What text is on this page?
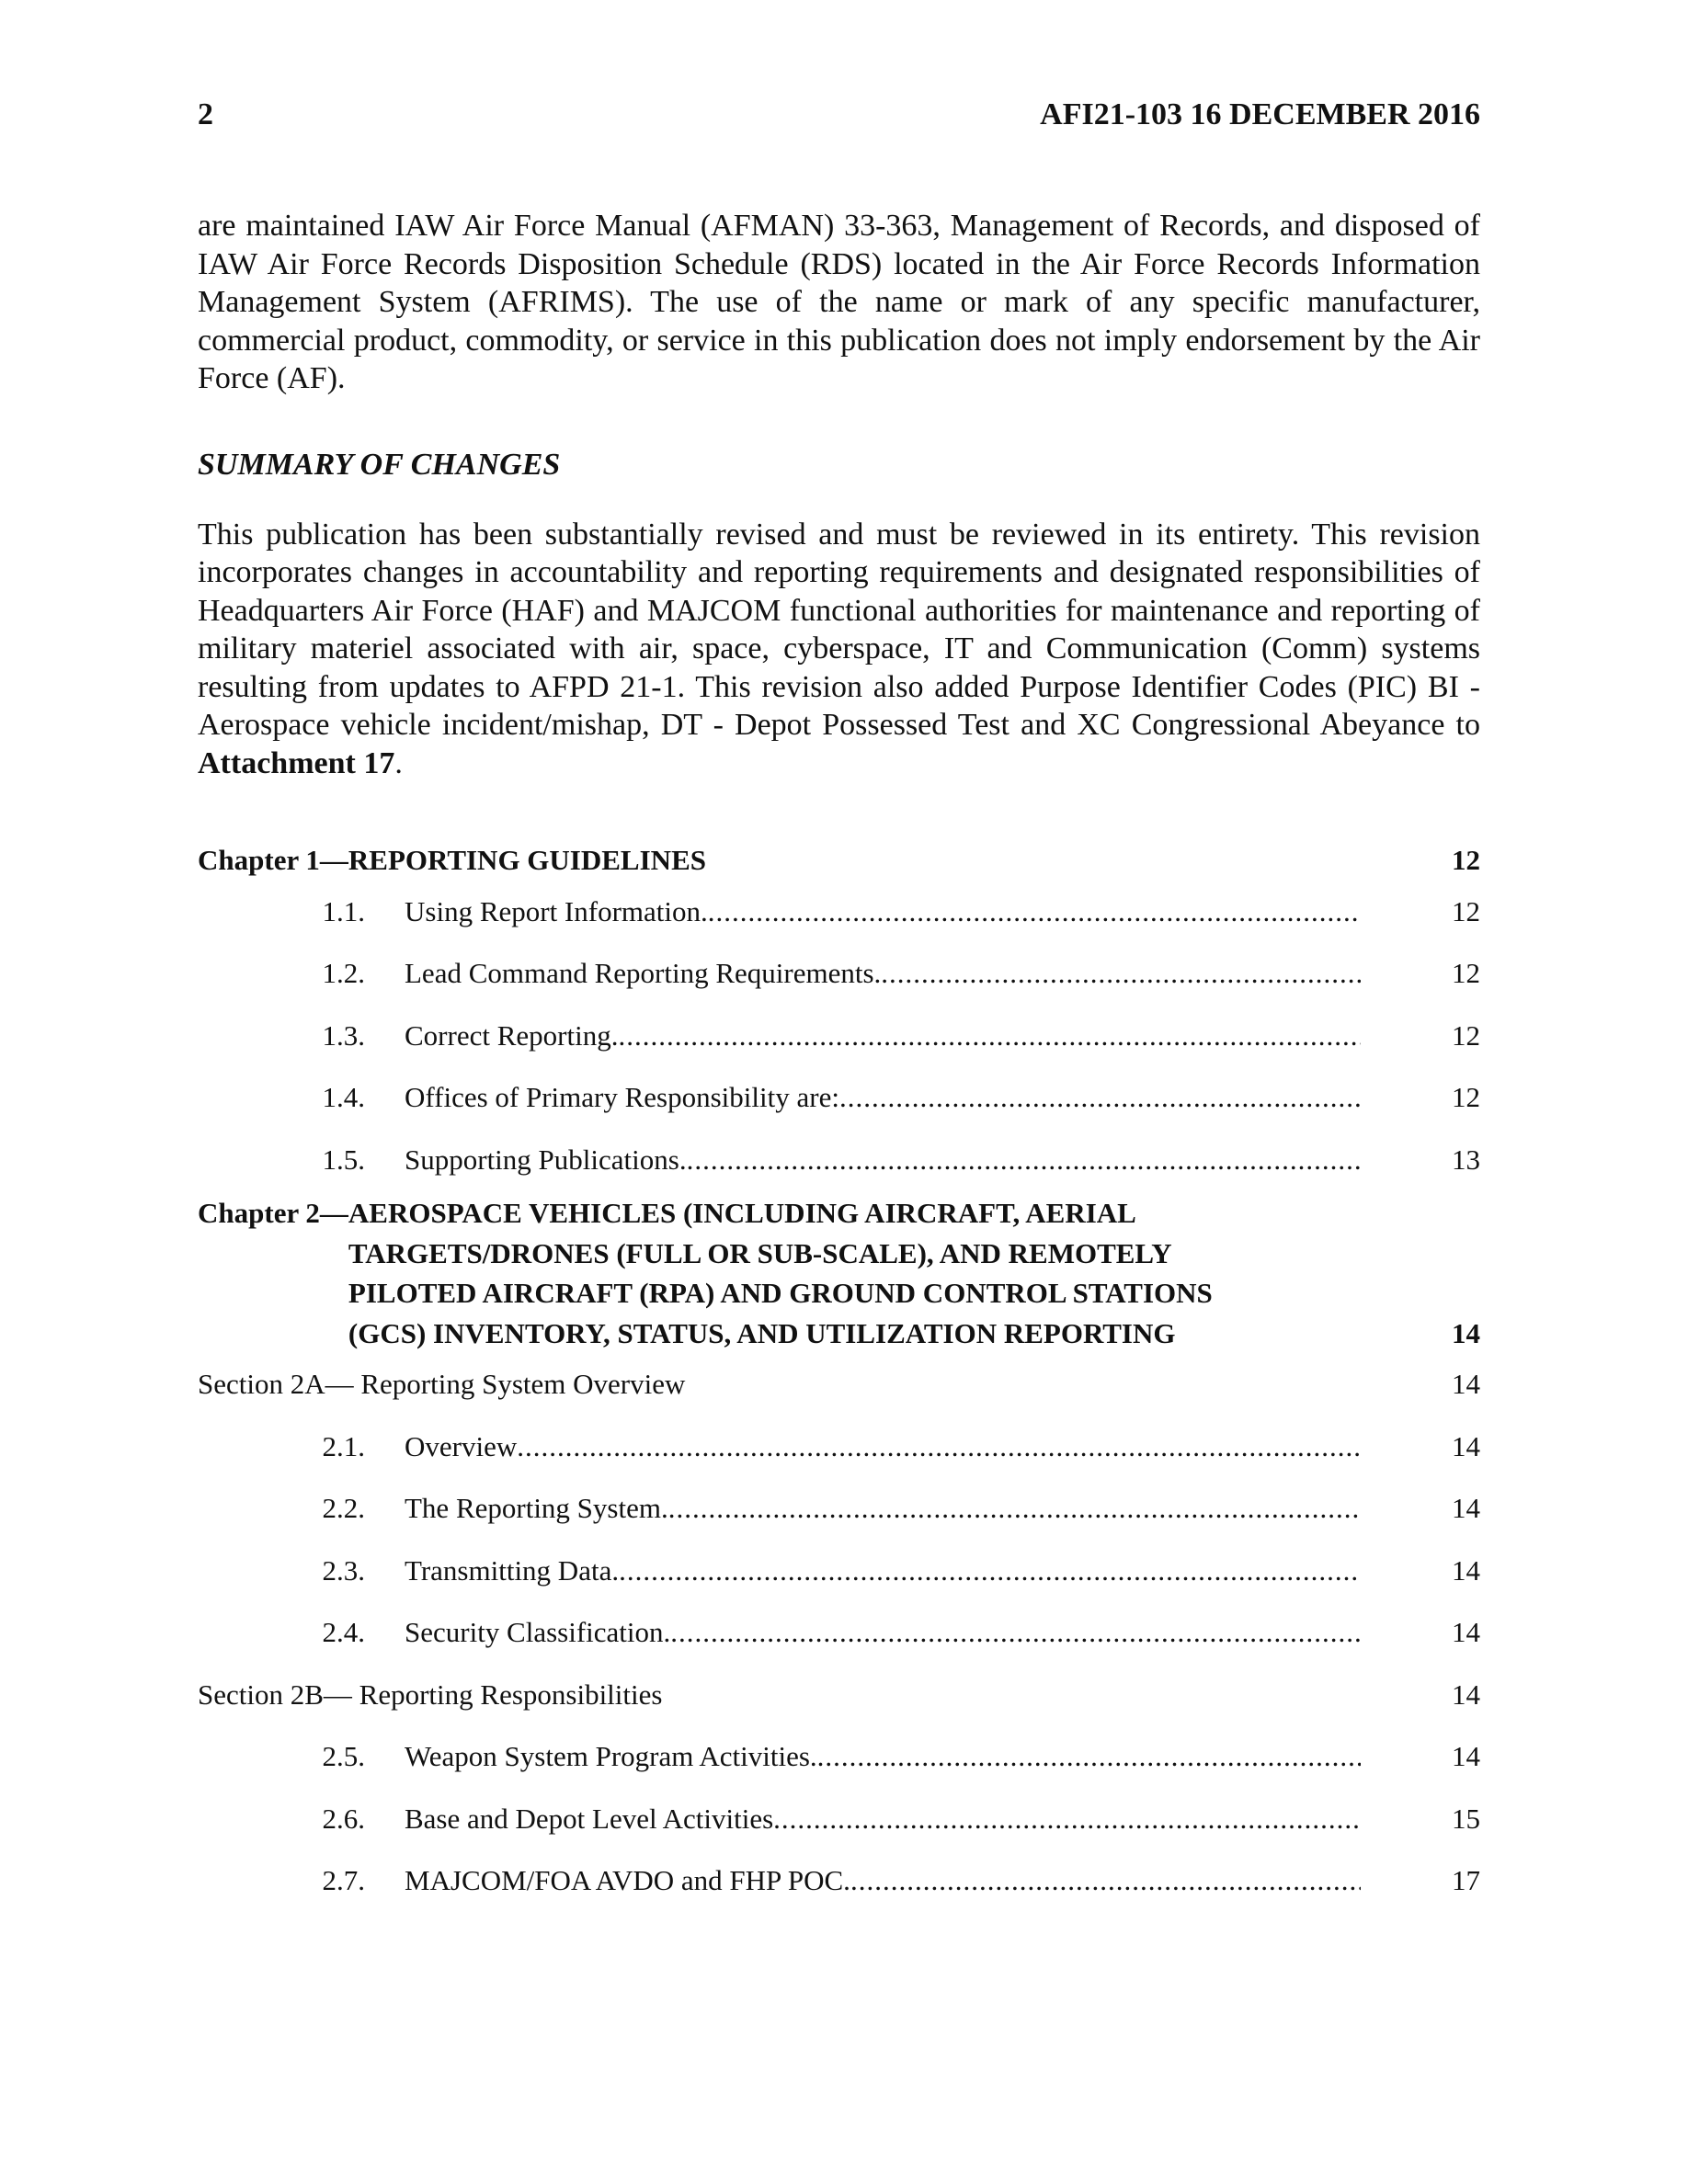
2	AFI21-103 16 DECEMBER 2016

are maintained IAW Air Force Manual (AFMAN) 33-363, Management of Records, and disposed of IAW Air Force Records Disposition Schedule (RDS) located in the Air Force Records Information Management System (AFRIMS). The use of the name or mark of any specific manufacturer, commercial product, commodity, or service in this publication does not imply endorsement by the Air Force (AF).

SUMMARY OF CHANGES

This publication has been substantially revised and must be reviewed in its entirety. This revision incorporates changes in accountability and reporting requirements and designated responsibilities of Headquarters Air Force (HAF) and MAJCOM functional authorities for maintenance and reporting of military materiel associated with air, space, cyberspace, IT and Communication (Comm) systems resulting from updates to AFPD 21-1. This revision also added Purpose Identifier Codes (PIC) BI - Aerospace vehicle incident/mishap, DT - Depot Possessed Test and XC Congressional Abeyance to Attachment 17.

Chapter 1— REPORTING GUIDELINES	12
1.1. Using Report Information. .....	12
1.2. Lead Command Reporting Requirements. .....	12
1.3. Correct Reporting. .....	12
1.4. Offices of Primary Responsibility are: .....	12
1.5. Supporting Publications. .....	13
Chapter 2— AEROSPACE VEHICLES (INCLUDING AIRCRAFT, AERIAL
TARGETS/DRONES (FULL OR SUB-SCALE), AND REMOTELY
PILOTED AIRCRAFT (RPA) AND GROUND CONTROL STATIONS
(GCS) INVENTORY, STATUS, AND UTILIZATION REPORTING	14
Section 2A— Reporting System Overview	14
2.1. Overview .....	14
2.2. The Reporting System. .....	14
2.3. Transmitting Data. .....	14
2.4. Security Classification. .....	14
Section 2B— Reporting Responsibilities	14
2.5. Weapon System Program Activities. .....	14
2.6. Base and Depot Level Activities .....	15
2.7. MAJCOM/FOA AVDO and FHP POC. .....	17
